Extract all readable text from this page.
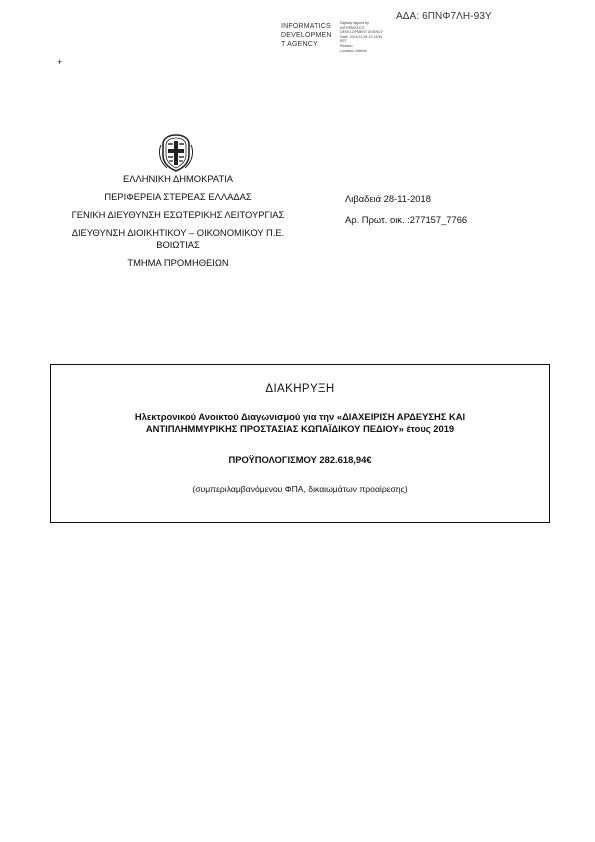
ΑΔΑ: 6ΠΝΦ7ΛΗ-93Υ
INFORMATICS
DEVELOPMEN
T AGENCY
Digitally signed by
INFORMATICS
DEVELOPMENT AGENCY
Date: 2018.11.28 12:14:54
EET
Reason:
Location: Athens
+
ΕΛΛΗΝΙΚΗ ΔΗΜΟΚΡΑΤΙΑ
ΠΕΡΙΦΕΡΕΙΑ ΣΤΕΡΕΑΣ ΕΛΛΑΔΑΣ
ΓΕΝΙΚΗ ΔΙΕΥΘΥΝΣΗ ΕΣΩΤΕΡΙΚΗΣ ΛΕΙΤΟΥΡΓΙΑΣ
ΔΙΕΥΘΥΝΣΗ ΔΙΟΙΚΗΤΙΚΟΥ – ΟΙΚΟΝΟΜΙΚΟΥ Π.Ε.
ΒΟΙΩΤΙΑΣ
ΤΜΗΜΑ ΠΡΟΜΗΘΕΙΩΝ
Λιβαδειά 28-11-2018
Αρ. Πρωτ. οικ. :277157_7766
ΔΙΑΚΗΡΥΞΗ
Ηλεκτρονικού Ανοικτού Διαγωνισμού για την «ΔΙΑΧΕΙΡΙΣΗ ΑΡΔΕΥΣΗΣ ΚΑΙ
ΑΝΤΙΠΛΗΜΜΥΡΙΚΗΣ ΠΡΟΣΤΑΣΙΑΣ ΚΩΠΑΪΔΙΚΟΥ ΠΕΔΙΟΥ» έτους 2019
ΠΡΟΫΠΟΛΟΓΙΣΜΟΥ 282.618,94€
(συμπεριλαμβανόμενου ΦΠΑ, δικαιωμάτων προαίρεσης)
